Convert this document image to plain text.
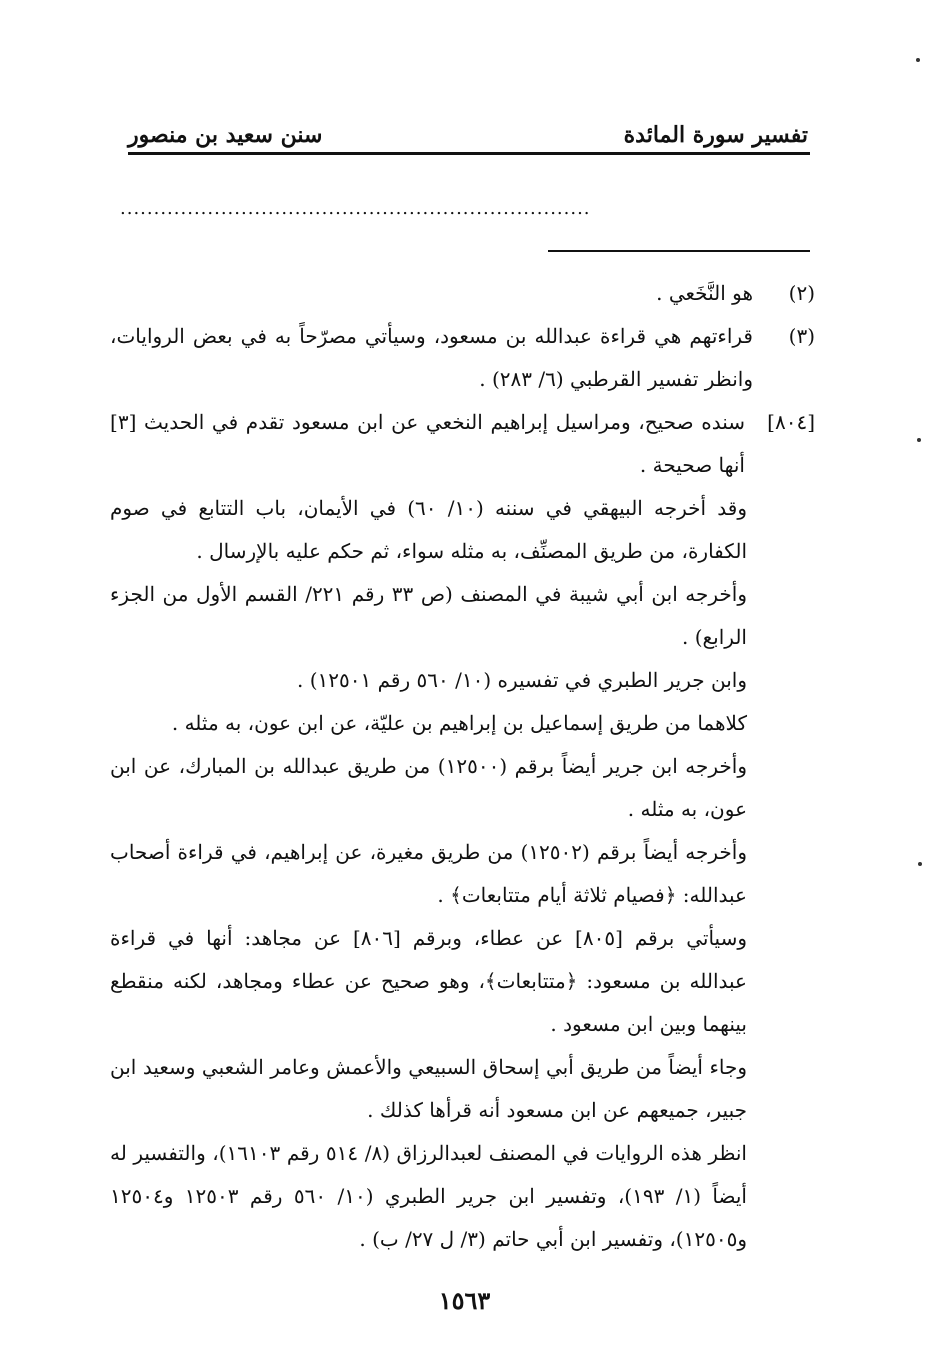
تفسير سورة المائدة
سنن سعيد بن منصور
......................................................................
(٢)
هو النَّخَعي .
(٣)
قراءتهم هي قراءة عبدالله بن مسعود، وسيأتي مصرّحاً به في بعض الروايات، وانظر تفسير القرطبي (٦/ ٢٨٣) .
[٨٠٤]
سنده صحيح، ومراسيل إبراهيم النخعي عن ابن مسعود تقدم في الحديث [٣] أنها صحيحة .
وقد أخرجه البيهقي في سننه (١٠/ ٦٠) في الأيمان، باب التتابع في صوم الكفارة، من طريق المصنِّف، به مثله سواء، ثم حكم عليه بالإرسال .
وأخرجه ابن أبي شيبة في المصنف (ص ٣٣ رقم ٢٢١/ القسم الأول من الجزء الرابع) .
وابن جرير الطبري في تفسيره (١٠/ ٥٦٠ رقم ١٢٥٠١) .
كلاهما من طريق إسماعيل بن إبراهيم بن عليّة، عن ابن عون، به مثله .
وأخرجه ابن جرير أيضاً برقم (١٢٥٠٠) من طريق عبدالله بن المبارك، عن ابن عون، به مثله .
وأخرجه أيضاً برقم (١٢٥٠٢) من طريق مغيرة، عن إبراهيم، في قراءة أصحاب عبدالله: ﴿فصيام ثلاثة أيام متتابعات﴾ .
وسيأتي برقم [٨٠٥] عن عطاء، وبرقم [٨٠٦] عن مجاهد: أنها في قراءة عبدالله بن مسعود: ﴿متتابعات﴾، وهو صحيح عن عطاء ومجاهد، لكنه منقطع بينهما وبين ابن مسعود .
وجاء أيضاً من طريق أبي إسحاق السبيعي والأعمش وعامر الشعبي وسعيد ابن جبير، جميعهم عن ابن مسعود أنه قرأها كذلك .
انظر هذه الروايات في المصنف لعبدالرزاق (٨/ ٥١٤ رقم ١٦١٠٣)، والتفسير له أيضاً (١/ ١٩٣)، وتفسير ابن جرير الطبري (١٠/ ٥٦٠ رقم ١٢٥٠٣ و١٢٥٠٤ و١٢٥٠٥)، وتفسير ابن أبي حاتم (٣/ ل ٢٧/ ب) .
١٥٦٣
